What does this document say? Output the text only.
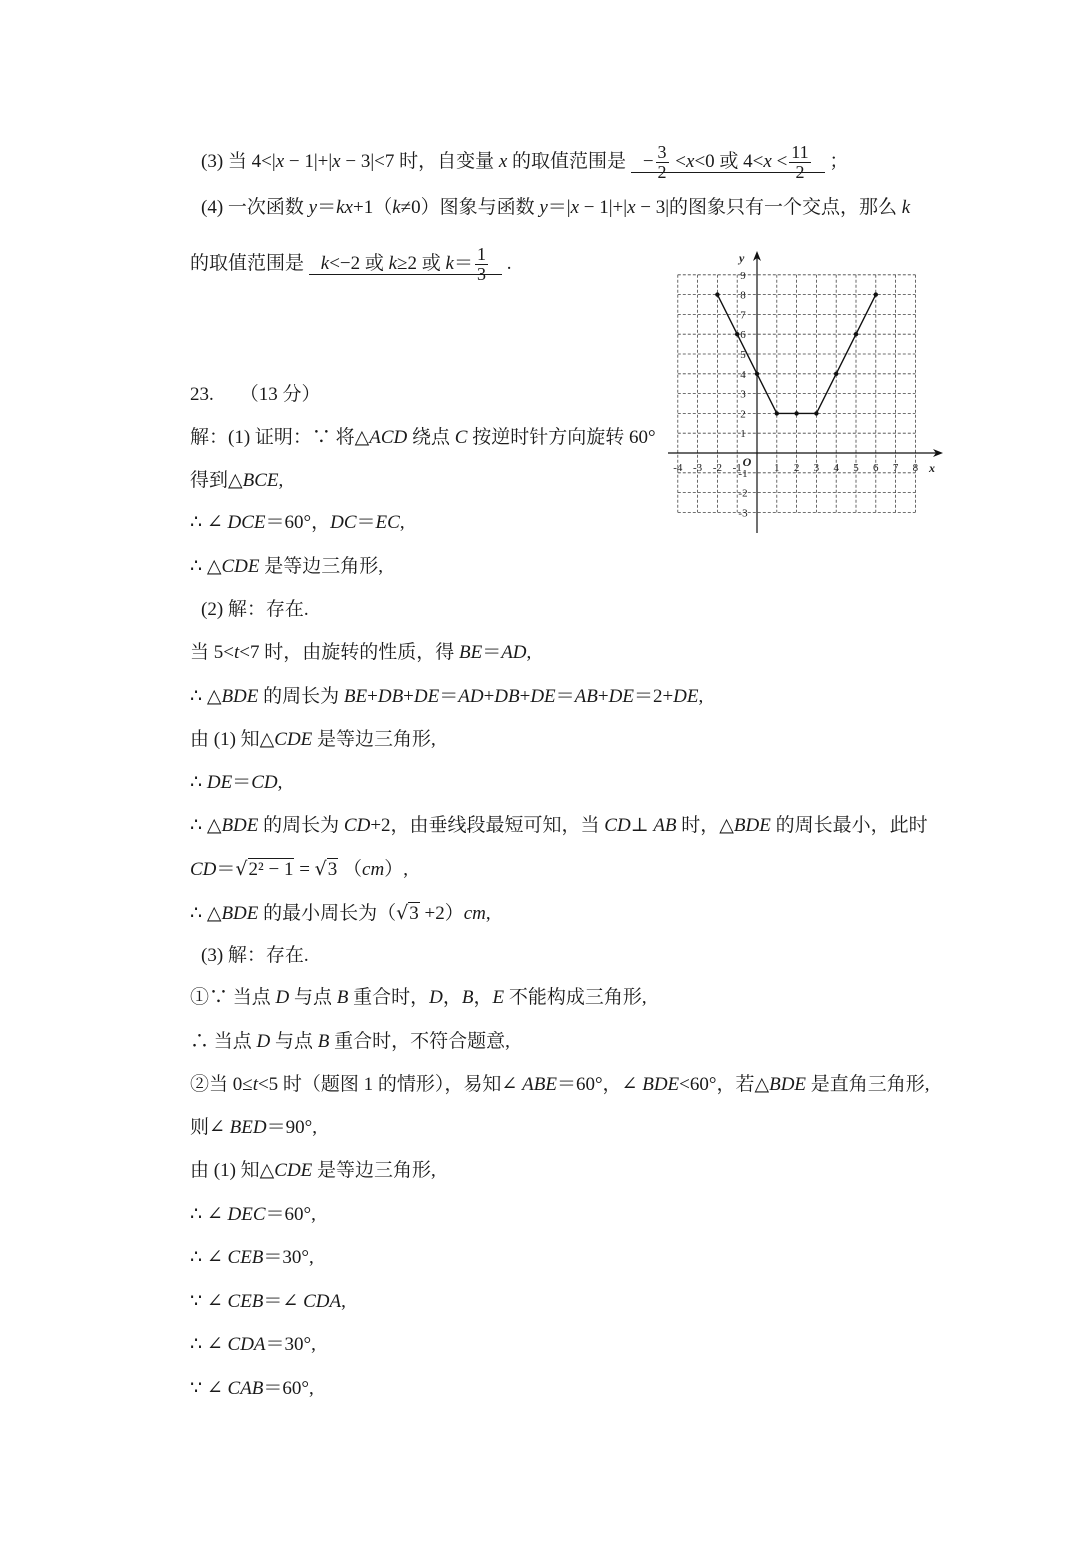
(3) 当 4<|x − 1|+|x − 3|<7 时，自变量 x 的取值范围是 − $\frac{3}{2} <x<0$ 或 $4<x < \frac{11}{2}$ ；
(4) 一次函数 y＝kx+1（k≠0）图象与函数 y＝|x − 1|+|x − 3|的图象只有一个交点，那么 k
的取值范围是 k<−2 或 k≥2 或 $k= \frac{1}{3}$ .
-4 -3 -2 -1	1 2 3 4 5 6 7 8
-3
-2
-1
1
2
3
4
5
6
7
8
9
O	x
y
23. （13 分）
解：(1) 证明：∵ 将△ACD 绕点 C 按逆时针方向旋转 60°
得到△BCE,
∴ ∠ DCE＝60°，DC＝EC,
∴ △CDE 是等边三角形,
(2) 解：存在.
当 5<t<7 时，由旋转的性质，得 BE＝AD,
∴ △BDE 的周长为 BE+DB+DE＝AD+DB+DE＝AB+DE＝2+DE,
由 (1) 知△CDE 是等边三角形,
∴ DE＝CD,
∴ △BDE 的周长为 CD+2，由垂线段最短可知，当 CD⊥ AB 时，△BDE 的周长最小，此时
CD＝ √ 2² − 1 = √ 3 （cm）,
∴ △BDE 的最小周长为（ √ 3 +2）cm,
(3) 解：存在.
①∵ 当点 D 与点 B 重合时，D，B，E 不能构成三角形,
∴ 当点 D 与点 B 重合时，不符合题意,
②当 0≤t<5 时（题图 1 的情形），易知∠ ABE＝60°，∠ BDE<60°，若△BDE 是直角三角形,
则∠ BED＝90°,
由 (1) 知△CDE 是等边三角形,
∴ ∠ DEC＝60°,
∴ ∠ CEB＝30°,
∵ ∠ CEB＝∠ CDA,
∴ ∠ CDA＝30°,
∵ ∠ CAB＝60°,
